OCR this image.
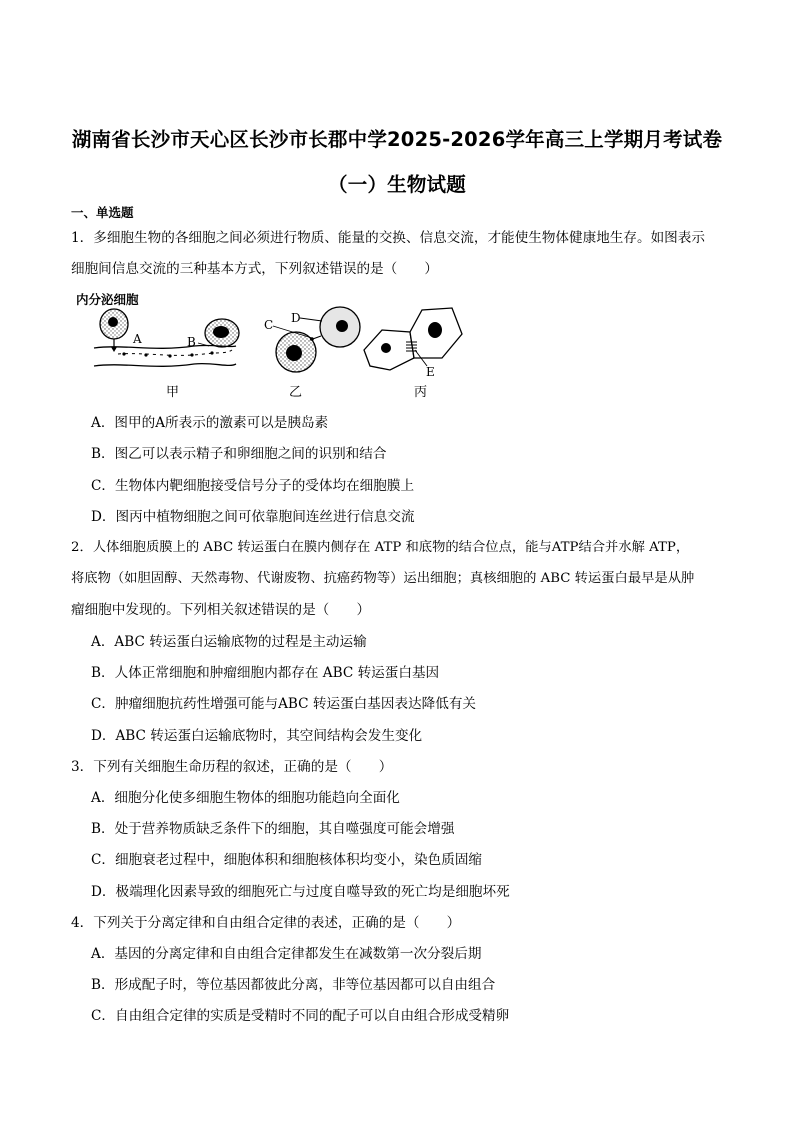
湖南省长沙市天心区长沙市长郡中学2025-2026学年高三上学期月考试卷
（一）生物试题
一、单选题
1．多细胞生物的各细胞之间必须进行物质、能量的交换、信息交流，才能使生物体健康地生存。如图表示
细胞间信息交流的三种基本方式，下列叙述错误的是（　　）
内分泌细胞
A	B
甲
C D
乙
E
丙
A．图甲的A所表示的激素可以是胰岛素
B．图乙可以表示精子和卵细胞之间的识别和结合
C．生物体内靶细胞接受信号分子的受体均在细胞膜上
D．图丙中植物细胞之间可依靠胞间连丝进行信息交流
2．人体细胞质膜上的 ABC 转运蛋白在膜内侧存在 ATP 和底物的结合位点，能与ATP结合并水解 ATP，
将底物（如胆固醇、天然毒物、代谢废物、抗癌药物等）运出细胞；真核细胞的 ABC 转运蛋白最早是从肿
瘤细胞中发现的。下列相关叙述错误的是（　　）
A．ABC 转运蛋白运输底物的过程是主动运输
B．人体正常细胞和肿瘤细胞内都存在 ABC 转运蛋白基因
C．肿瘤细胞抗药性增强可能与ABC 转运蛋白基因表达降低有关
D．ABC 转运蛋白运输底物时，其空间结构会发生变化
3．下列有关细胞生命历程的叙述，正确的是（　　）
A．细胞分化使多细胞生物体的细胞功能趋向全面化
B．处于营养物质缺乏条件下的细胞，其自噬强度可能会增强
C．细胞衰老过程中，细胞体积和细胞核体积均变小，染色质固缩
D．极端理化因素导致的细胞死亡与过度自噬导致的死亡均是细胞坏死
4．下列关于分离定律和自由组合定律的表述，正确的是（　　）
A．基因的分离定律和自由组合定律都发生在减数第一次分裂后期
B．形成配子时，等位基因都彼此分离，非等位基因都可以自由组合
C．自由组合定律的实质是受精时不同的配子可以自由组合形成受精卵
